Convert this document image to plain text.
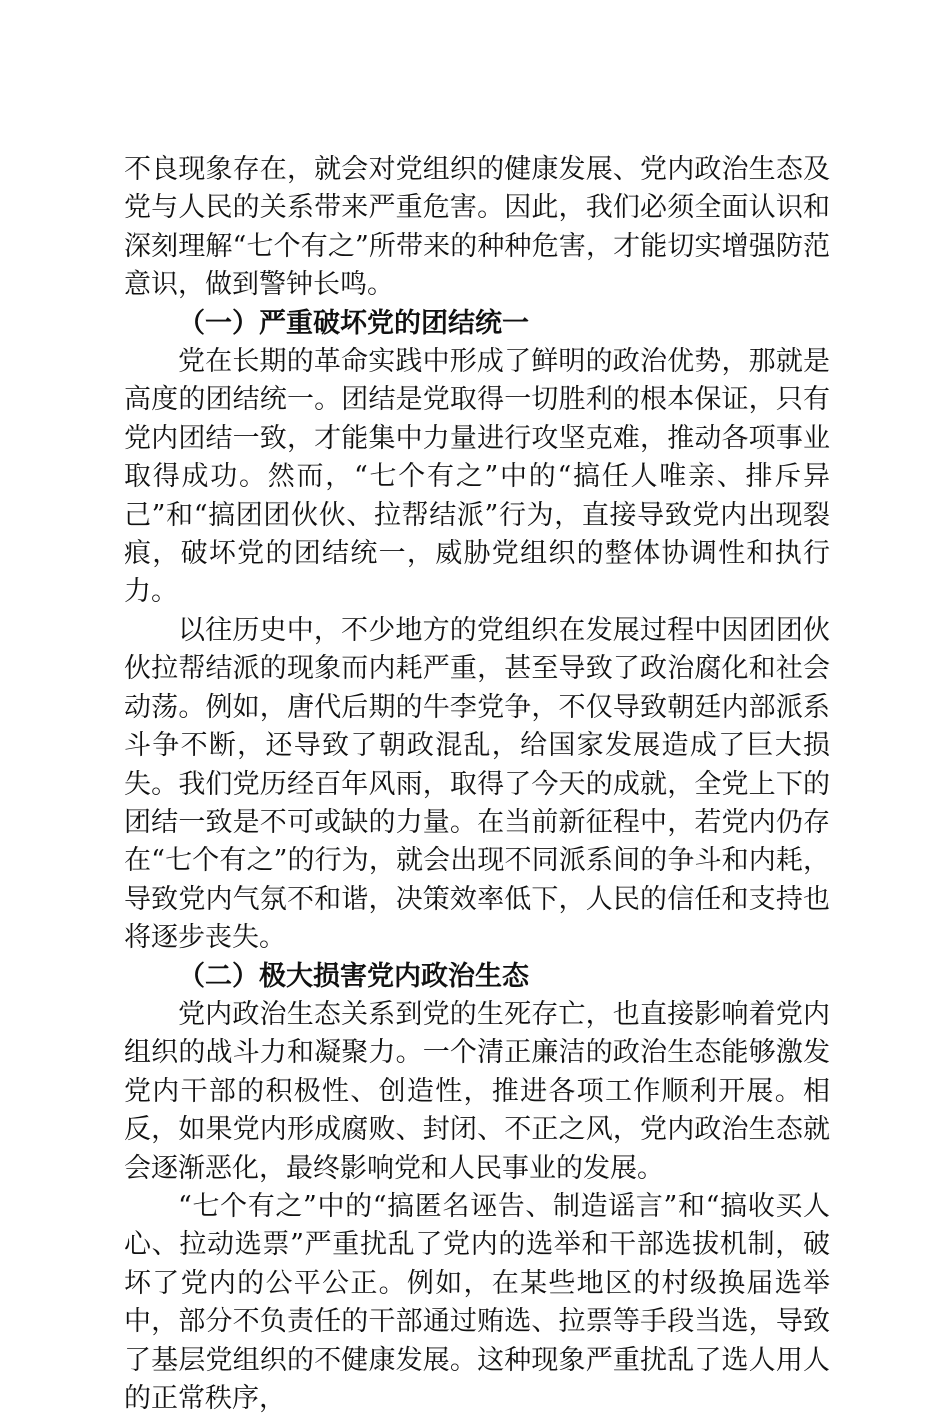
不良现象存在，就会对党组织的健康发展、党内政治生态及党与人民的关系带来严重危害。因此，我们必须全面认识和深刻理解“七个有之”所带来的种种危害，才能切实增强防范意识，做到警钟长鸣。

（一）严重破坏党的团结统一

党在长期的革命实践中形成了鲜明的政治优势，那就是高度的团结统一。团结是党取得一切胜利的根本保证，只有党内团结一致，才能集中力量进行攻坚克难，推动各项事业取得成功。然而，“七个有之”中的“搞任人唯亲、排斥异己”和“搞团团伙伙、拉帮结派”行为，直接导致党内出现裂痕，破坏党的团结统一，威胁党组织的整体协调性和执行力。

以往历史中，不少地方的党组织在发展过程中因团团伙伙拉帮结派的现象而内耗严重，甚至导致了政治腐化和社会动荡。例如，唐代后期的牛李党争，不仅导致朝廷内部派系斗争不断，还导致了朝政混乱，给国家发展造成了巨大损失。我们党历经百年风雨，取得了今天的成就，全党上下的团结一致是不可或缺的力量。在当前新征程中，若党内仍存在“七个有之”的行为，就会出现不同派系间的争斗和内耗，导致党内气氛不和谐，决策效率低下，人民的信任和支持也将逐步丧失。

（二）极大损害党内政治生态

党内政治生态关系到党的生死存亡，也直接影响着党内组织的战斗力和凝聚力。一个清正廉洁的政治生态能够激发党内干部的积极性、创造性，推进各项工作顺利开展。相反，如果党内形成腐败、封闭、不正之风，党内政治生态就会逐渐恶化，最终影响党和人民事业的发展。

“七个有之”中的“搞匿名诬告、制造谣言”和“搞收买人心、拉动选票”严重扰乱了党内的选举和干部选拔机制，破坏了党内的公平公正。例如，在某些地区的村级换届选举中，部分不负责任的干部通过贿选、拉票等手段当选，导致了基层党组织的不健康发展。这种现象严重扰乱了选人用人的正常秩序，
